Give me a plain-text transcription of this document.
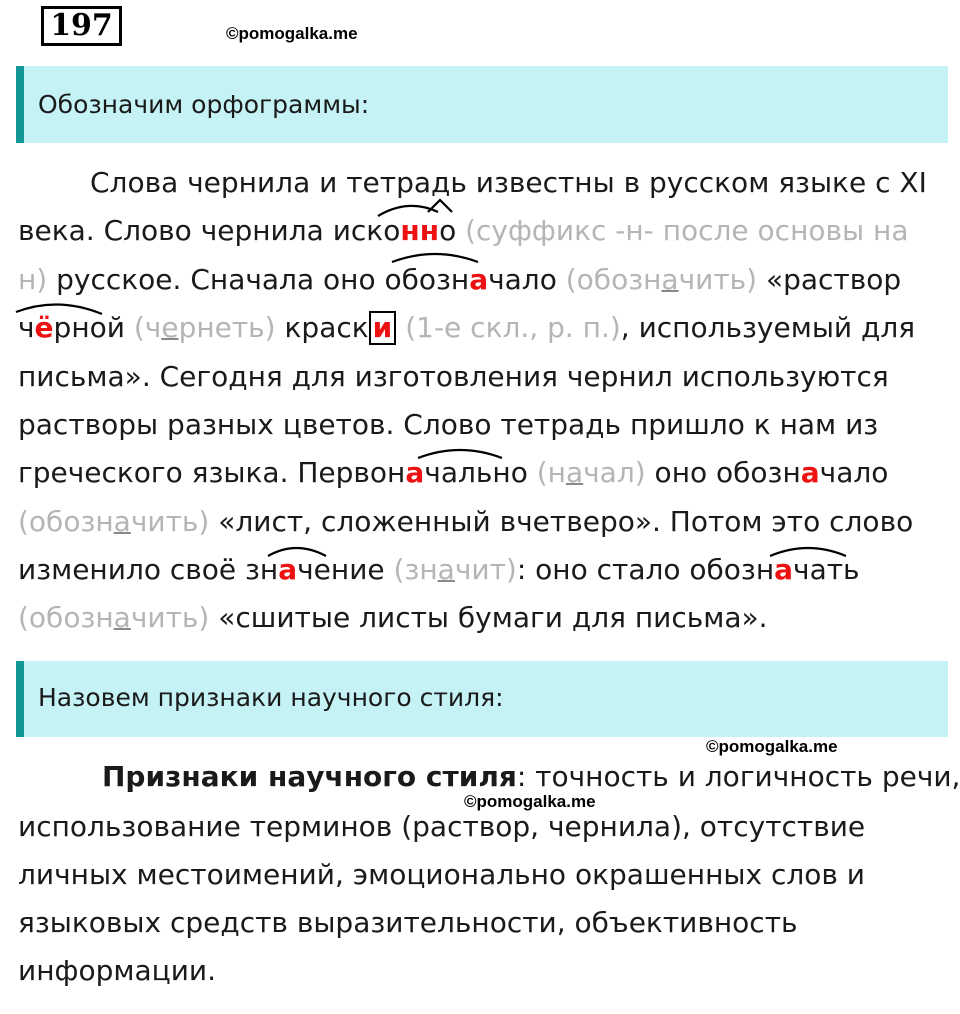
197	©pomogalka.me
Обозначим орфограммы:
Слова чернила и тетрадь известны в русском языке с XI
века. Слово чернила исконно (суффикс -н- после основы на
н) русское. Сначала оно обозначало (обозначить) «раствор
чёрной (чернеть) краск и (1-е скл., р. п.), используемый для
письма». Сегодня для изготовления чернил используются
растворы разных цветов. Слово тетрадь пришло к нам из
греческого языка. Первоначально (начал) оно обозначало
(обозначить) «лист, сложенный вчетверо». Потом это слово
изменило своё значение (значит): оно стало обозначать
(обозначить) «сшитые листы бумаги для письма».
Назовем признаки научного стиля:
©pomogalka.me
©pomogalka.me
Признаки научного стиля: точность и логичность речи,
использование терминов (раствор, чернила), отсутствие
личных местоимений, эмоционально окрашенных слов и
языковых средств выразительности, объективность
информации.
